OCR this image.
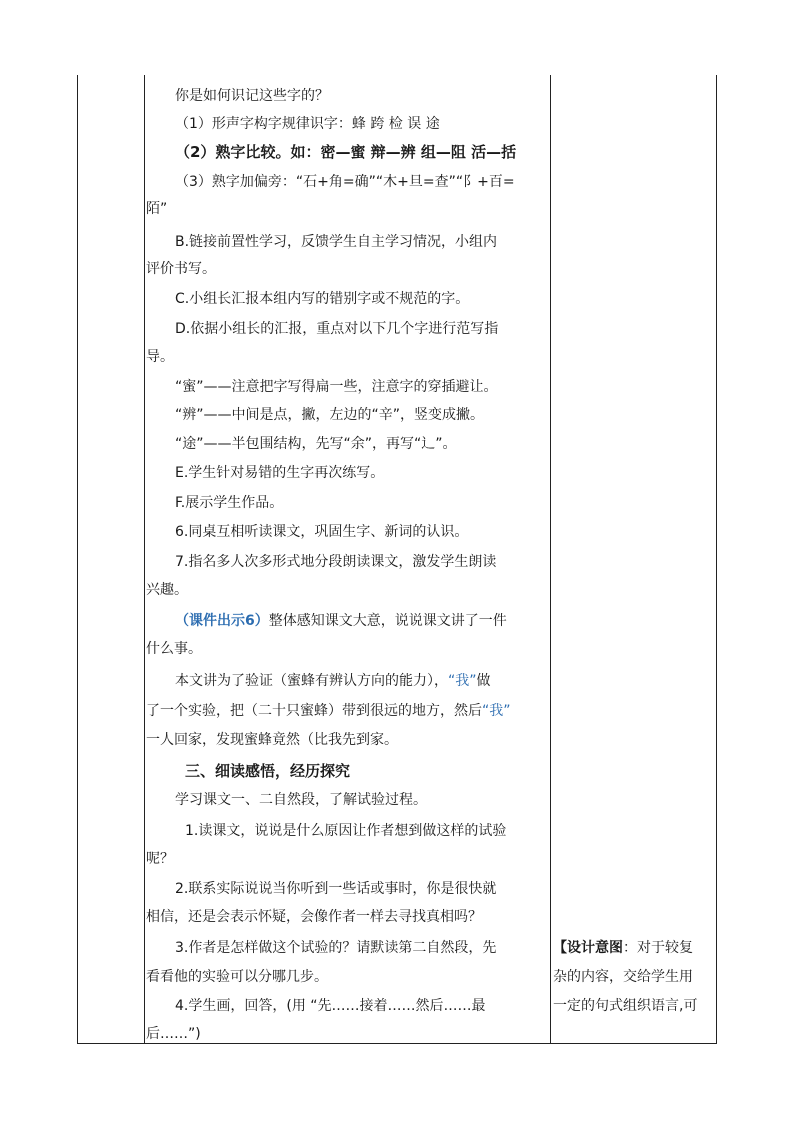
你是如何识记这些字的？
（1）形声字构字规律识字：蜂 跨 检 误 途
（2）熟字比较。如：密—蜜 辩—辨 组—阻 活—括
（3）熟字加偏旁：“石+角=确”“木+旦=查”“阝+百=
陌”
B.链接前置性学习，反馈学生自主学习情况，小组内
评价书写。
C.小组长汇报本组内写的错别字或不规范的字。
D.依据小组长的汇报，重点对以下几个字进行范写指
导。
“蜜”——注意把字写得扁一些，注意字的穿插避让。
“辨”——中间是点，撇，左边的“辛”，竖变成撇。
“途”——半包围结构，先写“余”，再写“辶”。
E.学生针对易错的生字再次练写。
F.展示学生作品。
6.同桌互相听读课文，巩固生字、新词的认识。
7.指名多人次多形式地分段朗读课文，激发学生朗读
兴趣。
（课件出示6）整体感知课文大意，说说课文讲了一件
什么事。
本文讲为了验证（蜜蜂有辨认方向的能力），“我”做
了一个实验，把（二十只蜜蜂）带到很远的地方，然后“我”
一人回家，发现蜜蜂竟然（比我先到家。
三、细读感悟，经历探究
学习课文一、二自然段，了解试验过程。
1.读课文，说说是什么原因让作者想到做这样的试验
呢？
2.联系实际说说当你听到一些话或事时，你是很快就
相信，还是会表示怀疑，会像作者一样去寻找真相吗？
3.作者是怎样做这个试验的？请默读第二自然段，先
看看他的实验可以分哪几步。
4.学生画，回答，(用 “先……接着……然后……最
后……”)
【设计意图：对于较复
杂的内容，交给学生用
一定的句式组织语言,可
